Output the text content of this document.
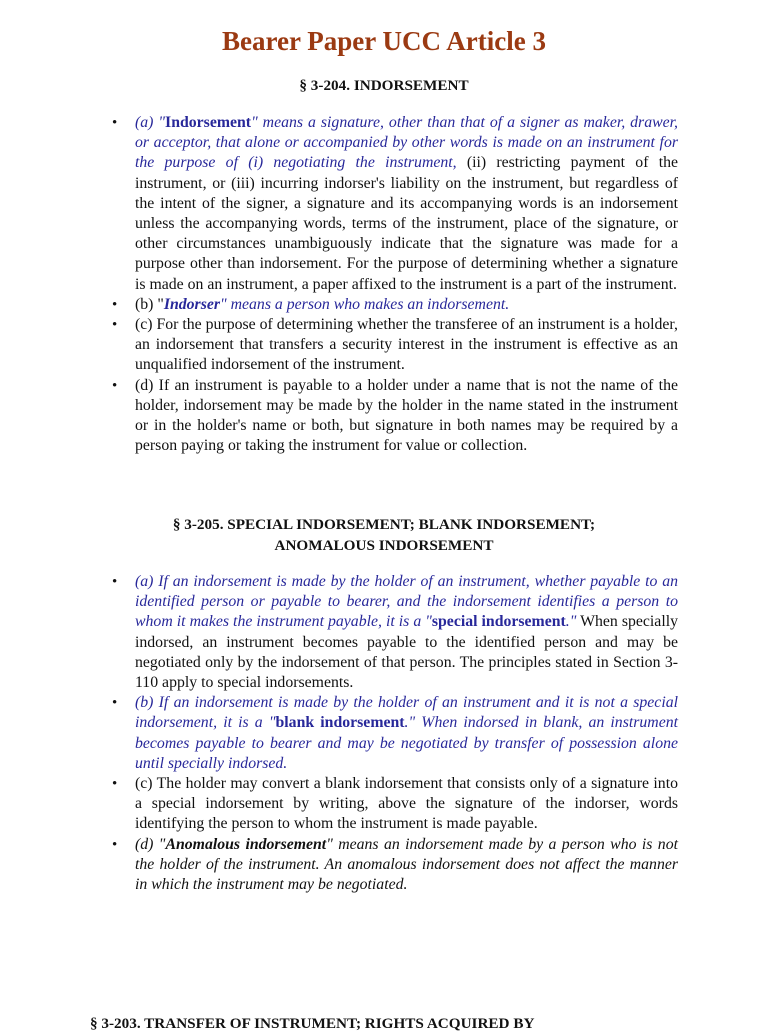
Bearer Paper UCC Article 3
§ 3-204. INDORSEMENT
•	(a) "Indorsement" means a signature, other than that of a signer as maker, drawer, or acceptor, that alone or accompanied by other words is made on an instrument for the purpose of (i) negotiating the instrument, (ii) restricting payment of the instrument, or (iii) incurring indorser's liability on the instrument, but regardless of the intent of the signer, a signature and its accompanying words is an indorsement unless the accompanying words, terms of the instrument, place of the signature, or other circumstances unambiguously indicate that the signature was made for a purpose other than indorsement. For the purpose of determining whether a signature is made on an instrument, a paper affixed to the instrument is a part of the instrument.
•	(b) "Indorser" means a person who makes an indorsement.
•	(c) For the purpose of determining whether the transferee of an instrument is a holder, an indorsement that transfers a security interest in the instrument is effective as an unqualified indorsement of the instrument.
•	(d) If an instrument is payable to a holder under a name that is not the name of the holder, indorsement may be made by the holder in the name stated in the instrument or in the holder's name or both, but signature in both names may be required by a person paying or taking the instrument for value or collection.
§ 3-205. SPECIAL INDORSEMENT; BLANK INDORSEMENT;
ANOMALOUS INDORSEMENT
•	(a) If an indorsement is made by the holder of an instrument, whether payable to an identified person or payable to bearer, and the indorsement identifies a person to whom it makes the instrument payable, it is a "special indorsement." When specially indorsed, an instrument becomes payable to the identified person and may be negotiated only by the indorsement of that person. The principles stated in Section 3-110 apply to special indorsements.
•	(b) If an indorsement is made by the holder of an instrument and it is not a special indorsement, it is a "blank indorsement." When indorsed in blank, an instrument becomes payable to bearer and may be negotiated by transfer of possession alone until specially indorsed.
•	(c) The holder may convert a blank indorsement that consists only of a signature into a special indorsement by writing, above the signature of the indorser, words identifying the person to whom the instrument is made payable.
•	(d) "Anomalous indorsement" means an indorsement made by a person who is not the holder of the instrument. An anomalous indorsement does not affect the manner in which the instrument may be negotiated.
§ 3-203. TRANSFER OF INSTRUMENT; RIGHTS ACQUIRED BY
